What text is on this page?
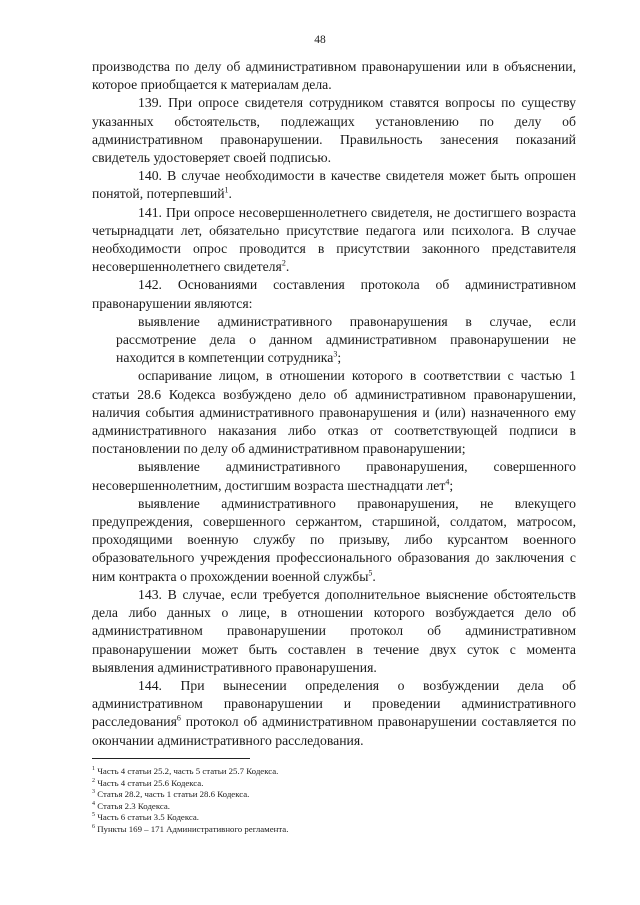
48

производства по делу об административном правонарушении или в объяснении, которое приобщается к материалам дела.

139. При опросе свидетеля сотрудником ставятся вопросы по существу указанных обстоятельств, подлежащих установлению по делу об административном правонарушении. Правильность занесения показаний свидетель удостоверяет своей подписью.

140. В случае необходимости в качестве свидетеля может быть опрошен понятой, потерпевший$^1$.

141. При опросе несовершеннолетнего свидетеля, не достигшего возраста четырнадцати лет, обязательно присутствие педагога или психолога. В случае необходимости опрос проводится в присутствии законного представителя несовершеннолетнего свидетеля$^2$.

142. Основаниями составления протокола об административном правонарушении являются:

выявление административного правонарушения в случае, если рассмотрение дела о данном административном правонарушении не находится в компетенции сотрудника$^3$;

оспаривание лицом, в отношении которого в соответствии с частью 1 статьи 28.6 Кодекса возбуждено дело об административном правонарушении, наличия события административного правонарушения и (или) назначенного ему административного наказания либо отказ от соответствующей подписи в постановлении по делу об административном правонарушении;

выявление административного правонарушения, совершенного несовершеннолетним, достигшим возраста шестнадцати лет$^4$;

выявление административного правонарушения, не влекущего предупреждения, совершенного сержантом, старшиной, солдатом, матросом, проходящими военную службу по призыву, либо курсантом военного образовательного учреждения профессионального образования до заключения с ним контракта о прохождении военной службы$^5$.

143. В случае, если требуется дополнительное выяснение обстоятельств дела либо данных о лице, в отношении которого возбуждается дело об административном правонарушении протокол об административном правонарушении может быть составлен в течение двух суток с момента выявления административного правонарушения.

144. При вынесении определения о возбуждении дела об административном правонарушении и проведении административного расследования$^6$ протокол об административном правонарушении составляется по окончании административного расследования.

$^1$ Часть 4 статьи 25.2, часть 5 статьи 25.7 Кодекса.
$^2$ Часть 4 статьи 25.6 Кодекса.
$^3$ Статья 28.2, часть 1 статьи 28.6 Кодекса.
$^4$ Статья 2.3 Кодекса.
$^5$ Часть 6 статьи 3.5 Кодекса.
$^6$ Пункты 169 – 171 Административного регламента.
